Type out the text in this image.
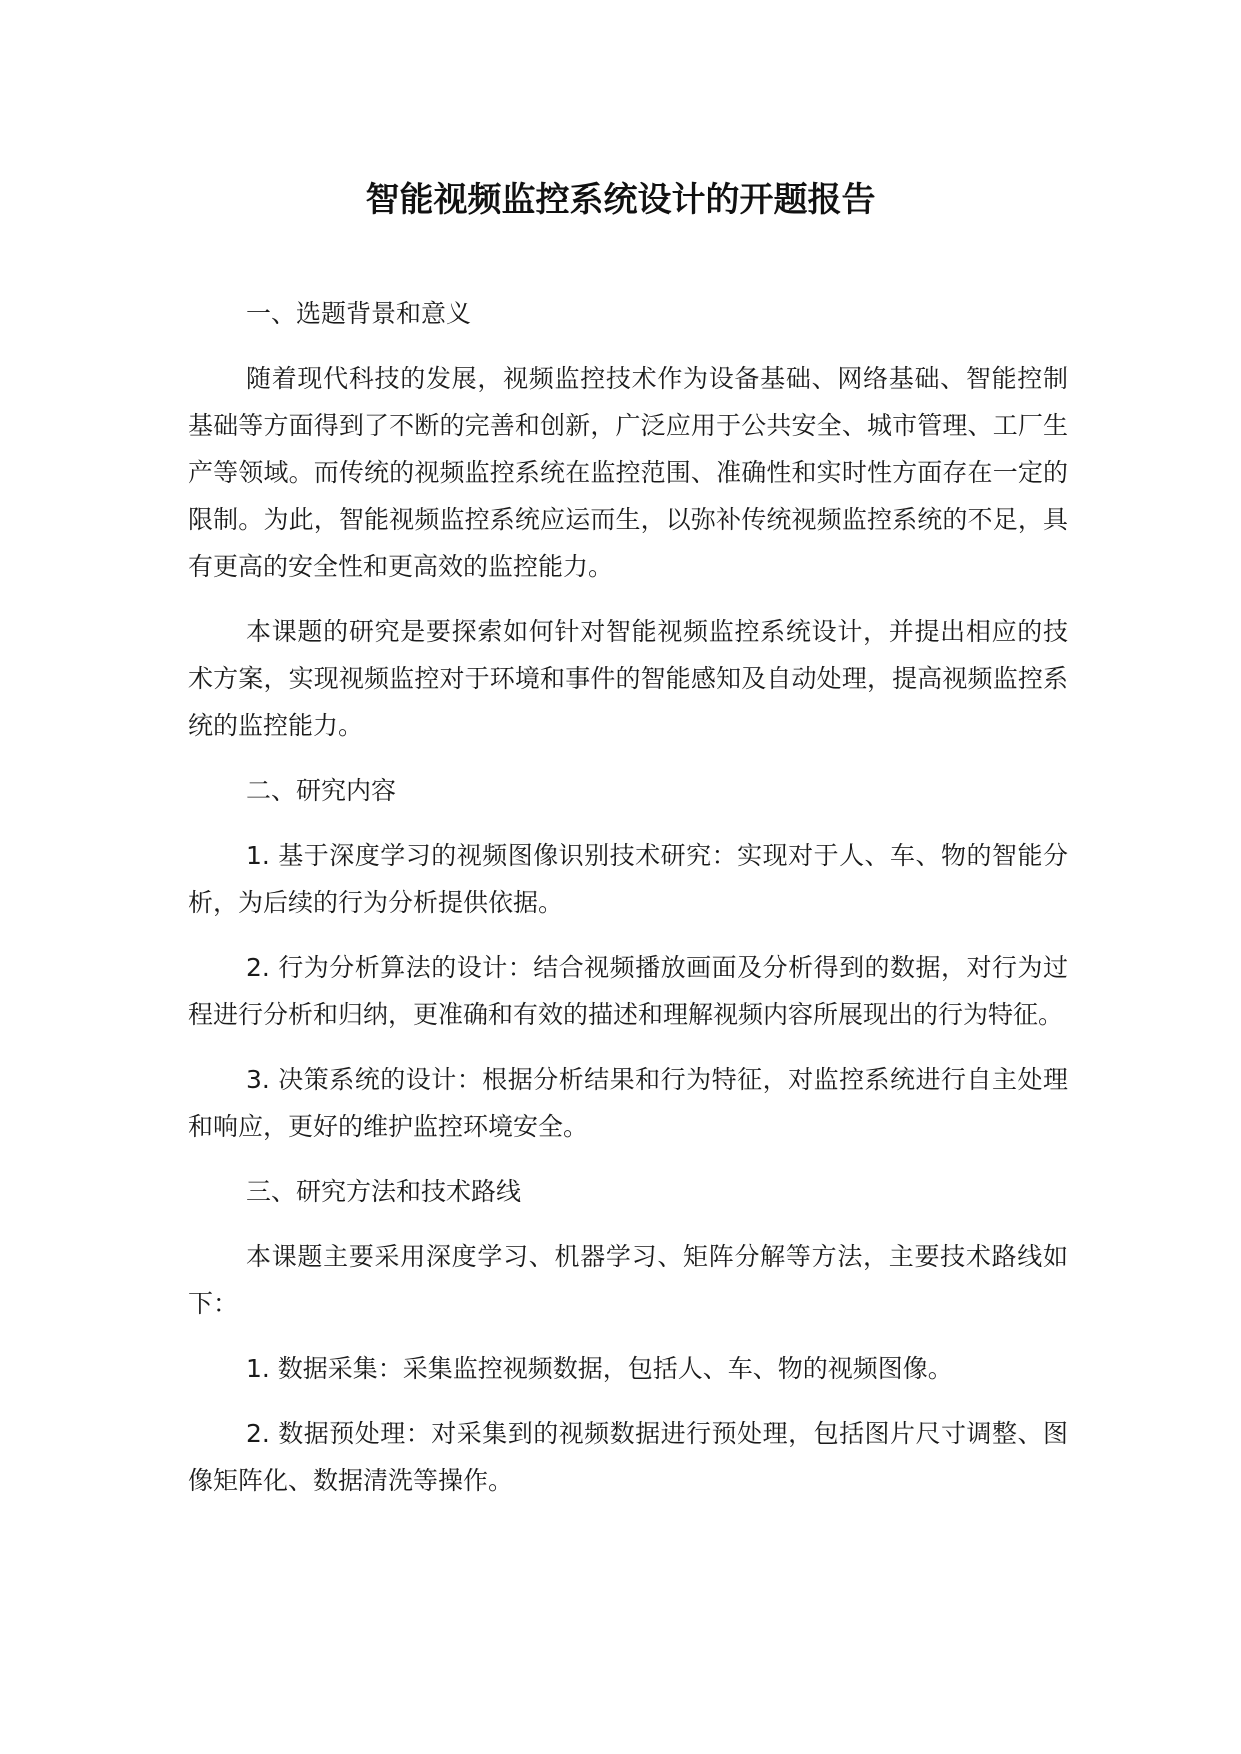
智能视频监控系统设计的开题报告

一、选题背景和意义

随着现代科技的发展，视频监控技术作为设备基础、网络基础、智能控制基础等方面得到了不断的完善和创新，广泛应用于公共安全、城市管理、工厂生产等领域。而传统的视频监控系统在监控范围、准确性和实时性方面存在一定的限制。为此，智能视频监控系统应运而生，以弥补传统视频监控系统的不足，具有更高的安全性和更高效的监控能力。

本课题的研究是要探索如何针对智能视频监控系统设计，并提出相应的技术方案，实现视频监控对于环境和事件的智能感知及自动处理，提高视频监控系统的监控能力。

二、研究内容

1. 基于深度学习的视频图像识别技术研究：实现对于人、车、物的智能分析，为后续的行为分析提供依据。

2. 行为分析算法的设计：结合视频播放画面及分析得到的数据，对行为过程进行分析和归纳，更准确和有效的描述和理解视频内容所展现出的行为特征。

3. 决策系统的设计：根据分析结果和行为特征，对监控系统进行自主处理和响应，更好的维护监控环境安全。

三、研究方法和技术路线

本课题主要采用深度学习、机器学习、矩阵分解等方法，主要技术路线如下：

1. 数据采集：采集监控视频数据，包括人、车、物的视频图像。

2. 数据预处理：对采集到的视频数据进行预处理，包括图片尺寸调整、图像矩阵化、数据清洗等操作。
